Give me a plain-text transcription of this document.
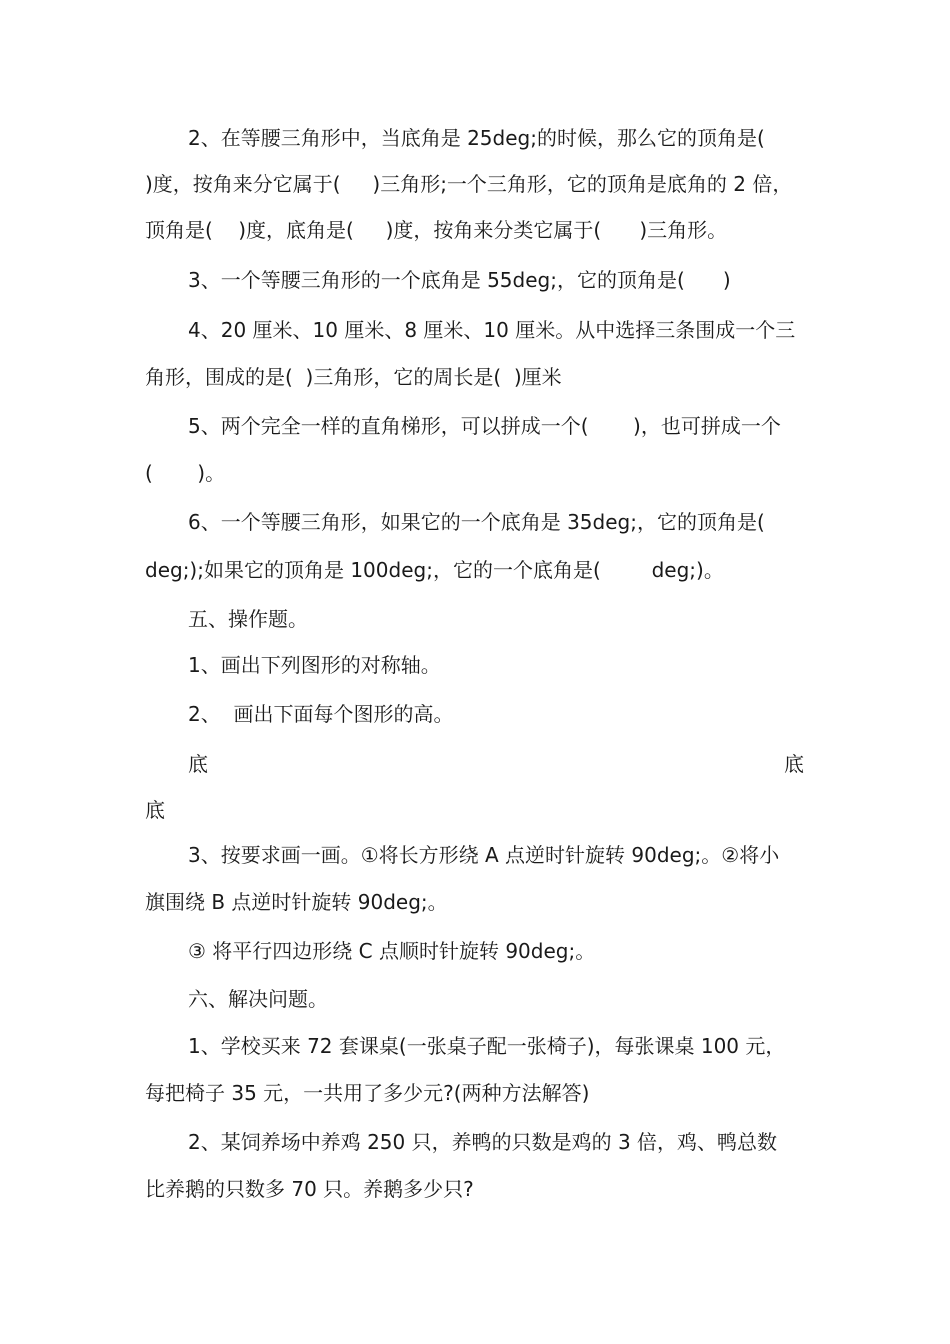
2、在等腰三角形中，当底角是 25deg;的时候，那么它的顶角是(
)度，按角来分它属于(     )三角形;一个三角形，它的顶角是底角的 2 倍，
顶角是(    )度，底角是(     )度，按角来分类它属于(      )三角形。
3、一个等腰三角形的一个底角是 55deg;，它的顶角是(      )
4、20 厘米、10 厘米、8 厘米、10 厘米。从中选择三条围成一个三
角形，围成的是(  )三角形，它的周长是(  )厘米
5、两个完全一样的直角梯形，可以拼成一个(       )，也可拼成一个
(       )。
6、一个等腰三角形，如果它的一个底角是 35deg;，它的顶角是(
deg;);如果它的顶角是 100deg;，它的一个底角是(        deg;)。
五、操作题。
1、画出下列图形的对称轴。
2、  画出下面每个图形的高。
底	底
底
3、按要求画一画。①将长方形绕 A 点逆时针旋转 90deg;。②将小
旗围绕 B 点逆时针旋转 90deg;。
③ 将平行四边形绕 C 点顺时针旋转 90deg;。
六、解决问题。
1、学校买来 72 套课桌(一张桌子配一张椅子)，每张课桌 100 元，
每把椅子 35 元，一共用了多少元?(两种方法解答)
2、某饲养场中养鸡 250 只，养鸭的只数是鸡的 3 倍，鸡、鸭总数
比养鹅的只数多 70 只。养鹅多少只?
